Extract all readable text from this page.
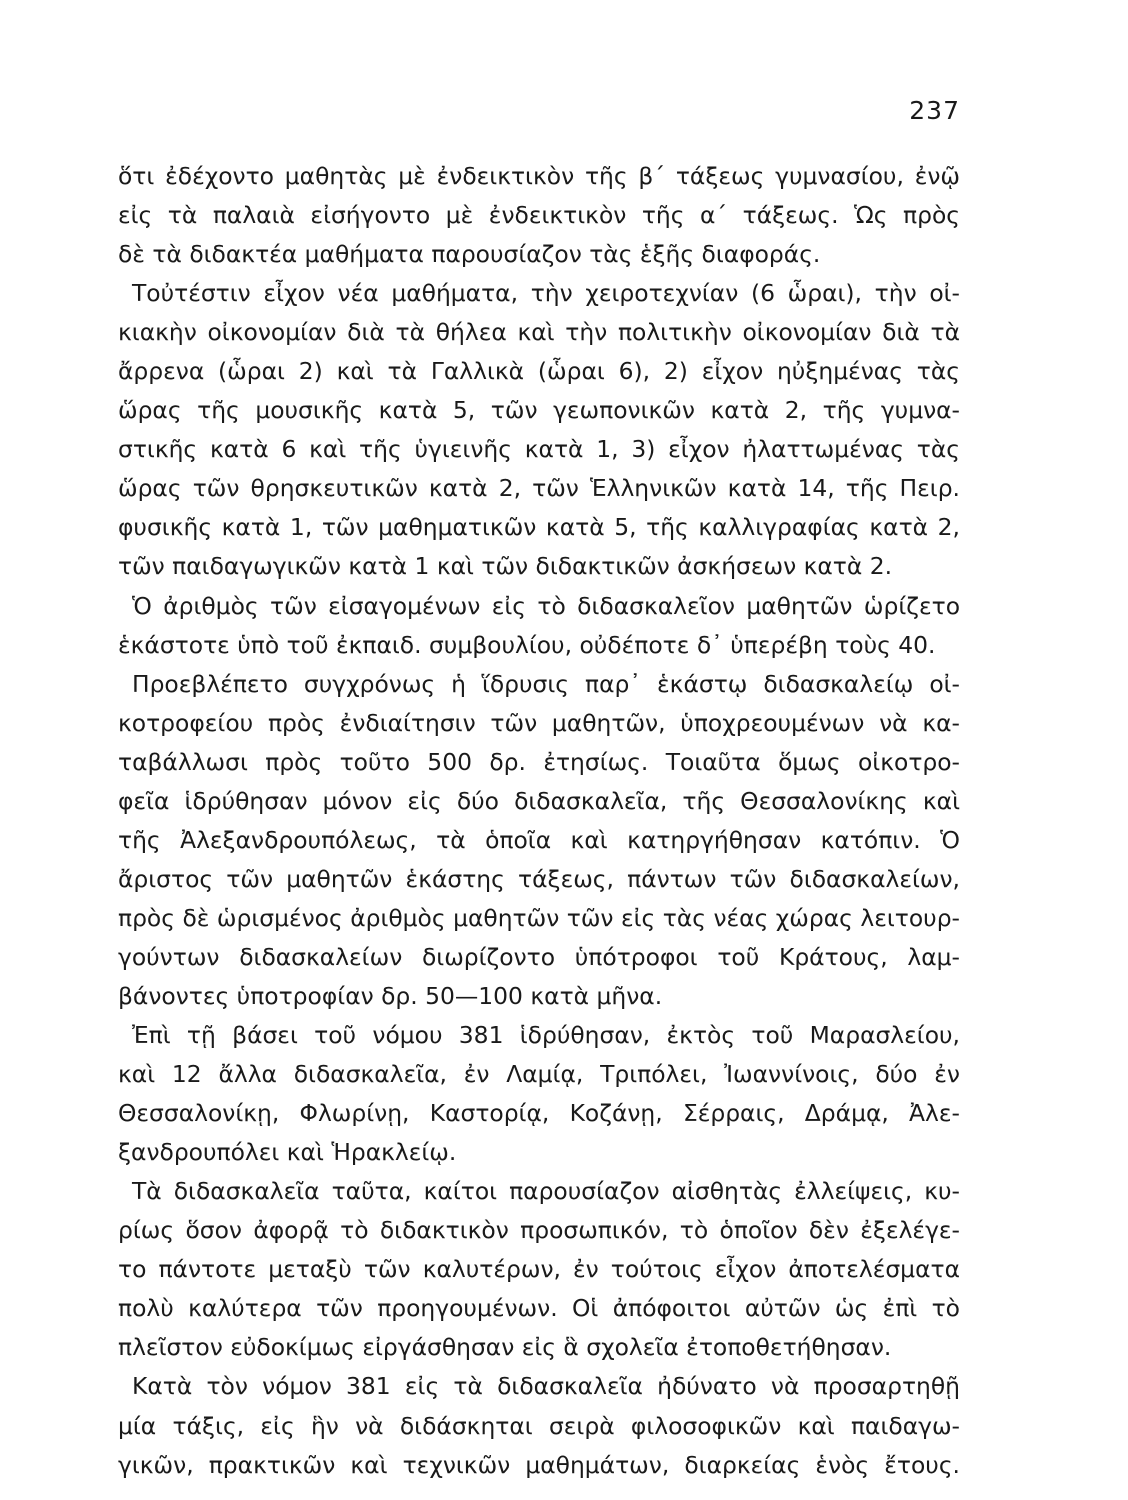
237
ὅτι ἐδέχοντο μαθητὰς μὲ ἐνδεικτικὸν τῆς β΄ τάξεως γυμνασίου, ἐνῷ
εἰς τὰ παλαιὰ εἰσήγοντο μὲ ἐνδεικτικὸν τῆς α΄ τάξεως. Ὡς πρὸς
δὲ τὰ διδακτέα μαθήματα παρουσίαζον τὰς ἑξῆς διαφοράς.
Τοὐτέστιν εἶχον νέα μαθήματα, τὴν χειροτεχνίαν (6 ὧραι), τὴν οἰ-
κιακὴν οἰκονομίαν διὰ τὰ θήλεα καὶ τὴν πολιτικὴν οἰκονομίαν διὰ τὰ
ἄρρενα (ὧραι 2) καὶ τὰ Γαλλικὰ (ὧραι 6), 2) εἶχον ηὐξημένας τὰς
ὥρας τῆς μουσικῆς κατὰ 5, τῶν γεωπονικῶν κατὰ 2, τῆς γυμνα-
στικῆς κατὰ 6 καὶ τῆς ὑγιεινῆς κατὰ 1, 3) εἶχον ἠλαττωμένας τὰς
ὥρας τῶν θρησκευτικῶν κατὰ 2, τῶν Ἑλληνικῶν κατὰ 14, τῆς Πειρ.
φυσικῆς κατὰ 1, τῶν μαθηματικῶν κατὰ 5, τῆς καλλιγραφίας κατὰ 2,
τῶν παιδαγωγικῶν κατὰ 1 καὶ τῶν διδακτικῶν ἀσκήσεων κατὰ 2.
Ὁ ἀριθμὸς τῶν εἰσαγομένων εἰς τὸ διδασκαλεῖον μαθητῶν ὡρίζετο
ἑκάστοτε ὑπὸ τοῦ ἐκπαιδ. συμβουλίου, οὐδέποτε δ᾽ ὑπερέβη τοὺς 40.
Προεβλέπετο συγχρόνως ἡ ἵδρυσις παρ᾽ ἑκάστῳ διδασκαλείῳ οἰ-
κοτροφείου πρὸς ἐνδιαίτησιν τῶν μαθητῶν, ὑποχρεουμένων νὰ κα-
ταβάλλωσι πρὸς τοῦτο 500 δρ. ἐτησίως. Τοιαῦτα ὅμως οἰκοτρο-
φεῖα ἱδρύθησαν μόνον εἰς δύο διδασκαλεῖα, τῆς Θεσσαλονίκης καὶ
τῆς Ἀλεξανδρουπόλεως, τὰ ὁποῖα καὶ κατηργήθησαν κατόπιν. Ὁ
ἄριστος τῶν μαθητῶν ἑκάστης τάξεως, πάντων τῶν διδασκαλείων,
πρὸς δὲ ὡρισμένος ἀριθμὸς μαθητῶν τῶν εἰς τὰς νέας χώρας λειτουρ-
γούντων διδασκαλείων διωρίζοντο ὑπότροφοι τοῦ Κράτους, λαμ-
βάνοντες ὑποτροφίαν δρ. 50—100 κατὰ μῆνα.
Ἐπὶ τῇ βάσει τοῦ νόμου 381 ἱδρύθησαν, ἐκτὸς τοῦ Μαρασλείου,
καὶ 12 ἄλλα διδασκαλεῖα, ἐν Λαμίᾳ, Τριπόλει, Ἰωαννίνοις, δύο ἐν
Θεσσαλονίκῃ, Φλωρίνῃ, Καστορίᾳ, Κοζάνῃ, Σέρραις, Δράμᾳ, Ἀλε-
ξανδρουπόλει καὶ Ἡρακλείῳ.
Τὰ διδασκαλεῖα ταῦτα, καίτοι παρουσίαζον αἰσθητὰς ἐλλείψεις, κυ-
ρίως ὅσον ἀφορᾷ τὸ διδακτικὸν προσωπικόν, τὸ ὁποῖον δὲν ἐξελέγε-
το πάντοτε μεταξὺ τῶν καλυτέρων, ἐν τούτοις εἶχον ἀποτελέσματα
πολὺ καλύτερα τῶν προηγουμένων. Οἱ ἀπόφοιτοι αὐτῶν ὡς ἐπὶ τὸ
πλεῖστον εὐδοκίμως εἰργάσθησαν εἰς ἃ σχολεῖα ἐτοποθετήθησαν.
Κατὰ τὸν νόμον 381 εἰς τὰ διδασκαλεῖα ἠδύνατο νὰ προσαρτηθῇ
μία τάξις, εἰς ἣν νὰ διδάσκηται σειρὰ φιλοσοφικῶν καὶ παιδαγω-
γικῶν, πρακτικῶν καὶ τεχνικῶν μαθημάτων, διαρκείας ἑνὸς ἔτους.
